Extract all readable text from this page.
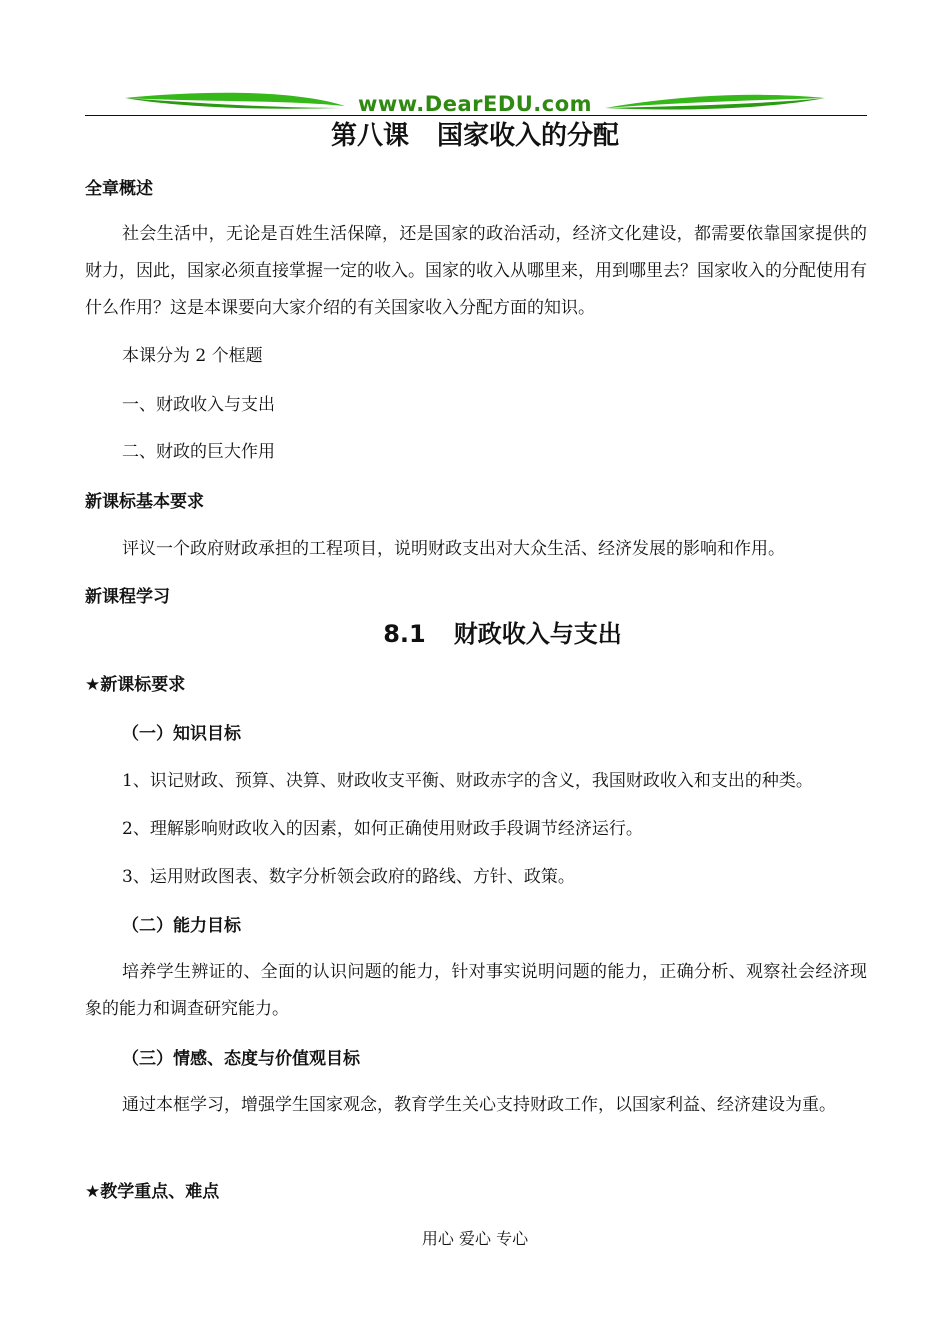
www.DearEDU.com
第八课 国家收入的分配
全章概述
社会生活中，无论是百姓生活保障，还是国家的政治活动，经济文化建设，都需要依靠国家提供的财力，因此，国家必须直接掌握一定的收入。国家的收入从哪里来，用到哪里去？国家收入的分配使用有什么作用？这是本课要向大家介绍的有关国家收入分配方面的知识。
本课分为 2 个框题
一、财政收入与支出
二、财政的巨大作用
新课标基本要求
评议一个政府财政承担的工程项目，说明财政支出对大众生活、经济发展的影响和作用。
新课程学习
8.1 财政收入与支出
★新课标要求
（一）知识目标
1、识记财政、预算、决算、财政收支平衡、财政赤字的含义，我国财政收入和支出的种类。
2、理解影响财政收入的因素，如何正确使用财政手段调节经济运行。
3、运用财政图表、数字分析领会政府的路线、方针、政策。
（二）能力目标
培养学生辨证的、全面的认识问题的能力，针对事实说明问题的能力，正确分析、观察社会经济现象的能力和调查研究能力。
（三）情感、态度与价值观目标
通过本框学习，增强学生国家观念，教育学生关心支持财政工作，以国家利益、经济建设为重。
★教学重点、难点
用心 爱心 专心
